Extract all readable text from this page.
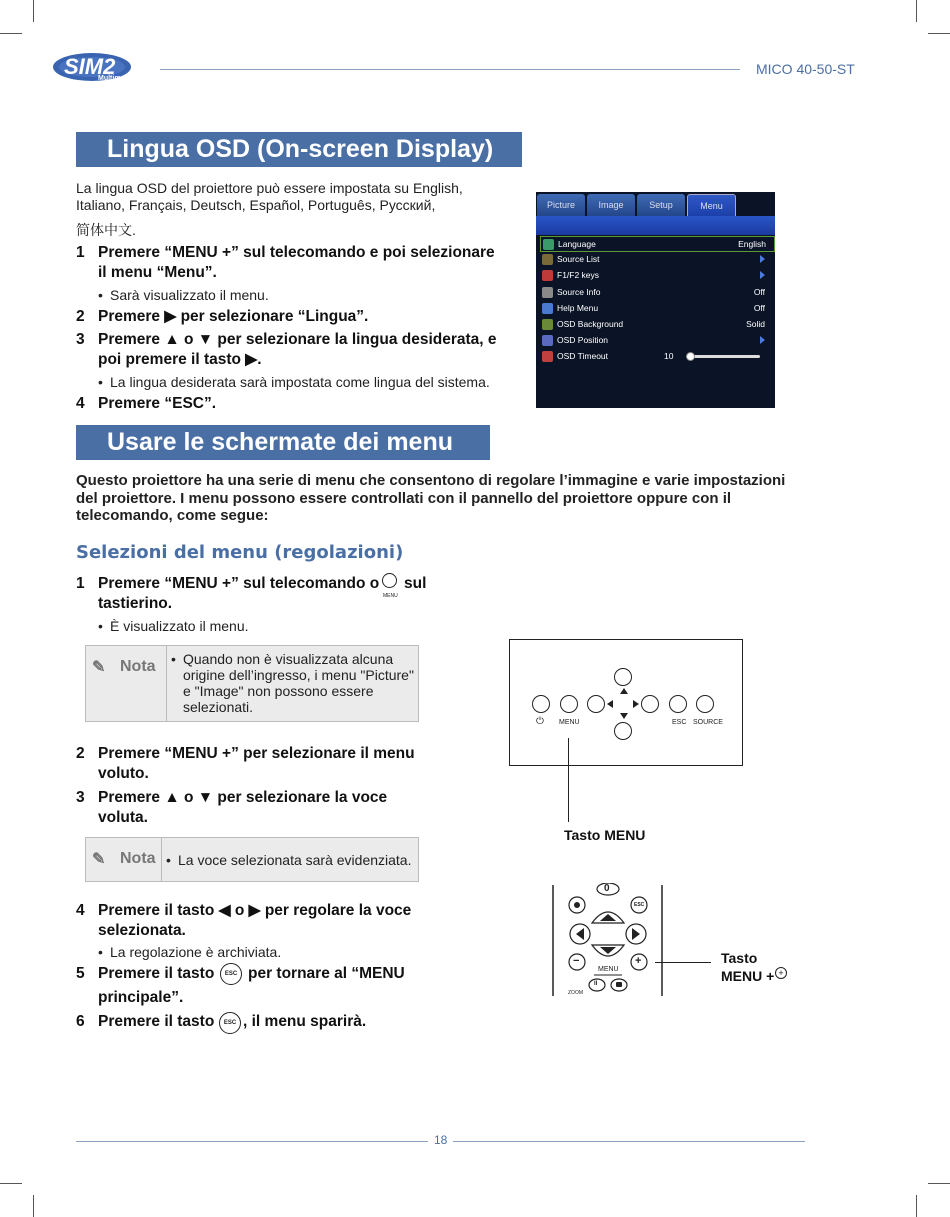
SIM2
Multimedia
MICO 40-50-ST
Lingua OSD (On-screen Display)
La lingua OSD del proiettore può essere impostata su English,
Italiano, Français, Deutsch, Español, Português, Русский,
简体中文.
1 Premere “MENU +” sul telecomando e poi selezionare
il menu “Menu”.
• Sarà visualizzato il menu.
2 Premere ▶ per selezionare “Lingua”.
3 Premere ▲ o ▼ per selezionare la lingua desiderata, e
poi premere il tasto ▶.
• La lingua desiderata sarà impostata come lingua del sistema.
4 Premere “ESC”.
Picture	Image	Setup	Menu
Language	English
Source List
F1/F2 keys
Source Info	Off
Help Menu	Off
OSD Background	Solid
OSD Position
OSD Timeout	10
Usare le schermate dei menu
Questo proiettore ha una serie di menu che consentono di regolare l’immagine e varie impostazioni
del proiettore. I menu possono essere controllati con il pannello del proiettore oppure con il
telecomando, come segue:
Selezioni del menu (regolazioni)
1 Premere “MENU +” sul telecomando o sul
tastierino.	MENU
• È visualizzato il menu.
✎ Nota • Quando non è visualizzata alcuna
origine dell’ingresso, i menu "Picture"
e "Image" non possono essere
selezionati.
2 Premere “MENU +” per selezionare il menu
voluto.
3 Premere ▲ o ▼ per selezionare la voce
voluta.
✎ Nota • La voce selezionata sarà evidenziata.
4 Premere il tasto ◀ o ▶ per regolare la voce
selezionata.
• La regolazione è archiviata.
5 Premere il tasto per tornare al “MENU
principale”.
ESC
6 Premere il tasto , il menu sparirà.
ESC
⏻ MENU	ESC SOURCE
Tasto MENU
0
ESC
−	+
MENU
ZOOM
II
Tasto
MENU + +
18
